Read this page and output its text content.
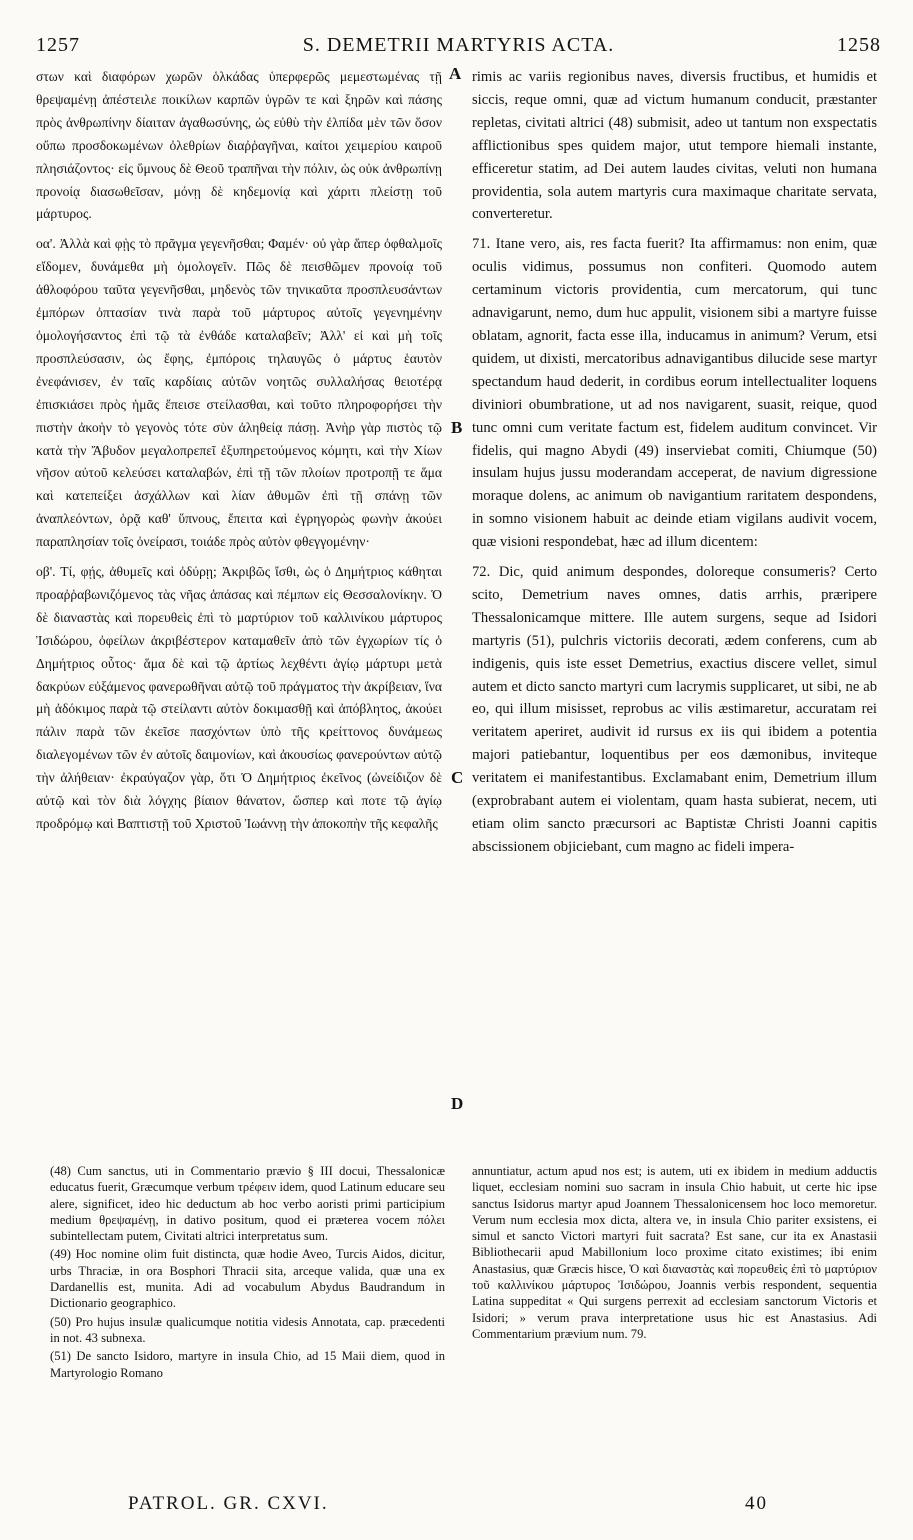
1257	S. DEMETRII MARTYRIS ACTA.	1258

στων καὶ διαφόρων χωρῶν ὁλκάδας ὑπερφερῶς μεμεστωμένας τῇ θρεψαμένῃ ἀπέστειλε ποικίλων καρπῶν ὑγρῶν τε καὶ ξηρῶν καὶ πάσης πρὸς ἀνθρωπίνην δίαιταν ἀγαθωσύνης, ὡς εὐθὺ τὴν ἐλπίδα μὲν τῶν ὅσον οὔπω προσδοκωμένων ὀλεθρίων διαῤῥαγῆναι, καίτοι χειμερίου καιροῦ πλησιάζοντος· εἰς ὕμνους δὲ Θεοῦ τραπῆναι τὴν πόλιν, ὡς οὐκ ἀνθρωπίνῃ προνοίᾳ διασωθεῖσαν, μόνῃ δὲ κηδεμονίᾳ καὶ χάριτι πλείστῃ τοῦ μάρτυρος.

οα'. Ἀλλὰ καὶ φῂς τὸ πρᾶγμα γεγενῆσθαι; Φαμέν· οὐ γὰρ ἅπερ ὀφθαλμοῖς εἴδομεν, δυνάμεθα μὴ ὁμολογεῖν. Πῶς δὲ πεισθῶμεν προνοίᾳ τοῦ ἀθλοφόρου ταῦτα γεγενῆσθαι, μηδενὸς τῶν τηνικαῦτα προσπλευσάντων ἐμπόρων ὀπτασίαν τινὰ παρὰ τοῦ μάρτυρος αὐτοῖς γεγενημένην ὁμολογήσαντος ἐπὶ τῷ τὰ ἐνθάδε καταλαβεῖν; Ἀλλ' εἰ καὶ μὴ τοῖς προσπλεύσασιν, ὡς ἔφης, ἐμπόροις τηλαυγῶς ὁ μάρτυς ἑαυτὸν ἐνεφάνισεν, ἐν ταῖς καρδίαις αὐτῶν νοητῶς συλλαλήσας θειοτέρᾳ ἐπισκιάσει πρὸς ἡμᾶς ἔπεισε στείλασθαι, καὶ τοῦτο πληροφορήσει τὴν πιστὴν ἀκοὴν τὸ γεγονὸς τότε σὺν ἀληθείᾳ πάσῃ. Ἀνὴρ γὰρ πιστὸς τῷ κατὰ τὴν Ἄβυδον μεγαλοπρεπεῖ ἐξυπηρετούμενος κόμητι, καὶ τὴν Χίων νῆσον αὐτοῦ κελεύσει καταλαβών, ἐπὶ τῇ τῶν πλοίων προτροπῇ τε ἅμα καὶ κατεπείξει ἀσχάλλων καὶ λίαν ἀθυμῶν ἐπὶ τῇ σπάνῃ τῶν ἀναπλεόντων, ὁρᾷ καθ' ὕπνους, ἔπειτα καὶ ἐγρηγορὼς φωνὴν ἀκούει παραπλησίαν τοῖς ὀνείρασι, τοιάδε πρὸς αὐτὸν φθεγγομένην·

οβ'. Τί, φῄς, ἀθυμεῖς καὶ ὀδύρῃ; Ἀκριβῶς ἴσθι, ὡς ὁ Δημήτριος κάθηται προαῤῥαβωνιζόμενος τὰς νῆας ἁπάσας καὶ πέμπων εἰς Θεσσαλονίκην. Ὁ δὲ διαναστὰς καὶ πορευθεὶς ἐπὶ τὸ μαρτύριον τοῦ καλλινίκου μάρτυρος Ἰσιδώρου, ὀφείλων ἀκριβέστερον καταμαθεῖν ἀπὸ τῶν ἐγχωρίων τίς ὁ Δημήτριος οὗτος· ἅμα δὲ καὶ τῷ ἀρτίως λεχθέντι ἁγίῳ μάρτυρι μετὰ δακρύων εὐξάμενος φανερωθῆναι αὐτῷ τοῦ πράγματος τὴν ἀκρίβειαν, ἵνα μὴ ἀδόκιμος παρὰ τῷ στείλαντι αὐτὸν δοκιμασθῇ καὶ ἀπόβλητος, ἀκούει πάλιν παρὰ τῶν ἐκεῖσε πασχόντων ὑπὸ τῆς κρείττονος δυνάμεως διαλεγομένων τῶν ἐν αὐτοῖς δαιμονίων, καὶ ἀκουσίως φανερούντων αὐτῷ τὴν ἀλήθειαν· ἐκραύγαζον γὰρ, ὅτι Ὁ Δημήτριος ἐκεῖνος (ὠνείδιζον δὲ αὐτῷ καὶ τὸν διὰ λόγχης βίαιον θάνατον, ὥσπερ καὶ ποτε τῷ ἁγίῳ προδρόμῳ καὶ Βαπτιστῇ τοῦ Χριστοῦ Ἰωάννῃ τὴν ἀποκοπὴν τῆς κεφαλῆς

A
B
C
D

rimis ac variis regionibus naves, diversis fructibus, et humidis et siccis, reque omni, quæ ad victum humanum conducit, præstanter repletas, civitati altrici (48) submisit, adeo ut tantum non exspectatis afflictionibus spes quidem major, utut tempore hiemali instante, efficeretur statim, ad Dei autem laudes civitas, veluti non humana providentia, sola autem martyris cura maximaque charitate servata, converteretur.

71. Itane vero, ais, res facta fuerit? Ita affirmamus: non enim, quæ oculis vidimus, possumus non confiteri. Quomodo autem certaminum victoris providentia, cum mercatorum, qui tunc adnavigarunt, nemo, dum huc appulit, visionem sibi a martyre fuisse oblatam, agnorit, facta esse illa, inducamus in animum? Verum, etsi quidem, ut dixisti, mercatoribus adnavigantibus dilucide sese martyr spectandum haud dederit, in cordibus eorum intellectualiter loquens diviniori obumbratione, ut ad nos navigarent, suasit, reique, quod tunc omni cum veritate factum est, fidelem auditum convincet. Vir fidelis, qui magno Abydi (49) inserviebat comiti, Chiumque (50) insulam hujus jussu moderandam acceperat, de navium digressione moraque dolens, ac animum ob navigantium raritatem despondens, in somno visionem habuit ac deinde etiam vigilans audivit vocem, quæ visioni respondebat, hæc ad illum dicentem:

72. Dic, quid animum despondes, doloreque consumeris? Certo scito, Demetrium naves omnes, datis arrhis, præripere Thessalonicamque mittere. Ille autem surgens, seque ad Isidori martyris (51), pulchris victoriis decorati, ædem conferens, cum ab indigenis, quis iste esset Demetrius, exactius discere vellet, simul autem et dicto sancto martyri cum lacrymis supplicaret, ut sibi, ne ab eo, qui illum misisset, reprobus ac vilis æstimaretur, accuratam rei veritatem aperiret, audivit id rursus ex iis qui ibidem a potentia majori patiebantur, loquentibus per eos dæmonibus, inviteque veritatem ei manifestantibus. Exclamabant enim, Demetrium illum (exprobrabant autem ei violentam, quam hasta subierat, necem, uti etiam olim sancto præcursori ac Baptistæ Christi Joanni capitis abscissionem objiciebant, cum magno ac fideli impera-

(48) Cum sanctus, uti in Commentario prævio § III docui, Thessalonicæ educatus fuerit, Græcumque verbum τρέφειν idem, quod Latinum educare seu alere, significet, ideo hic deductum ab hoc verbo aoristi primi participium medium θρεψαμένῃ, in dativo positum, quod ei præterea vocem πόλει subintellectam putem, Civitati altrici interpretatus sum.

(49) Hoc nomine olim fuit distincta, quæ hodie Aveo, Turcis Aidos, dicitur, urbs Thraciæ, in ora Bosphori Thracii sita, arceque valida, quæ una ex Dardanellis est, munita. Adi ad vocabulum Abydus Baudrandum in Dictionario geographico.

(50) Pro hujus insulæ qualicumque notitia videsis Annotata, cap. præcedenti in not. 43 subnexa.

(51) De sancto Isidoro, martyre in insula Chio, ad 15 Maii diem, quod in Martyrologio Romano

annuntiatur, actum apud nos est; is autem, uti ex ibidem in medium adductis liquet, ecclesiam nomini suo sacram in insula Chio habuit, ut certe hic ipse sanctus Isidorus martyr apud Joannem Thessalonicensem hoc loco memoretur. Verum num ecclesia mox dicta, altera ve, in insula Chio pariter exsistens, ei simul et sancto Victori martyri fuit sacrata? Est sane, cur ita ex Anastasii Bibliothecarii apud Mabillonium loco proxime citato existimes; ibi enim Anastasius, quæ Græcis hisce, Ὁ καὶ διαναστὰς καὶ πορευθεὶς ἐπὶ τὸ μαρτύριον τοῦ καλλινίκου μάρτυρος Ἰσιδώρου, Joannis verbis respondent, sequentia Latina suppeditat « Qui surgens perrexit ad ecclesiam sanctorum Victoris et Isidori; » verum prava interpretatione usus hic est Anastasius. Adi Commentarium prævium num. 79.

PATROL. GR. CXVI.	40
